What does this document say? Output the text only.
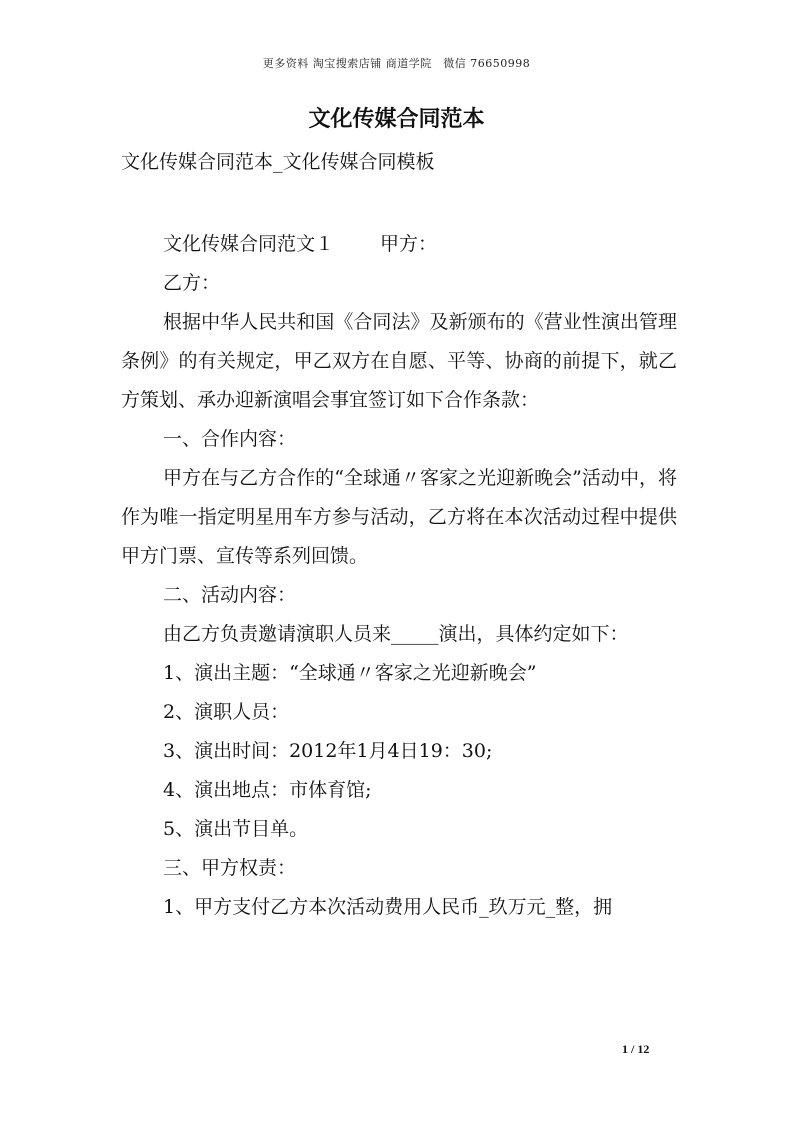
更多资料 淘宝搜索店铺 商道学院　微信 76650998
文化传媒合同范本
文化传媒合同范本_文化传媒合同模板

文化传媒合同范文１ 甲方：

乙方：

根据中华人民共和国《合同法》及新颁布的《营业性演出管理条例》的有关规定，甲乙双方在自愿、平等、协商的前提下，就乙方策划、承办迎新演唱会事宜签订如下合作条款：

一、合作内容：

甲方在与乙方合作的“全球通〃客家之光迎新晚会”活动中，将作为唯一指定明星用车方参与活动，乙方将在本次活动过程中提供甲方门票、宣传等系列回馈。

二、活动内容：

由乙方负责邀请演职人员来_____演出，具体约定如下：

1、演出主题：“全球通〃客家之光迎新晚会”

2、演职人员：

3、演出时间：2012年1月4日19：30;

4、演出地点：市体育馆;

5、演出节目单。

三、甲方权责：

1、甲方支付乙方本次活动费用人民币_玖万元_整，拥

1 / 12
